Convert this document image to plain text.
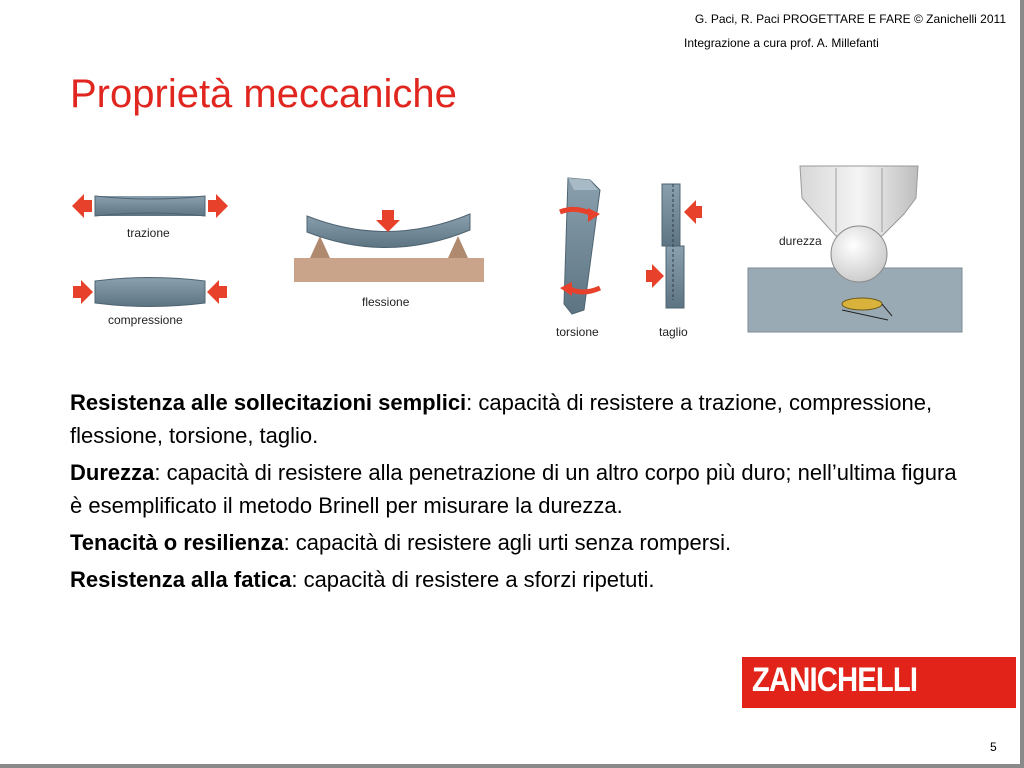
G. Paci, R. Paci PROGETTARE E FARE © Zanichelli 2011
Integrazione a cura prof. A. Millefanti
Proprietà meccaniche
trazione
compressione
flessione
torsione	taglio
durezza

Resistenza alle sollecitazioni semplici: capacità di resistere a trazione, compressione, flessione, torsione, taglio.

Durezza: capacità di resistere alla penetrazione di un altro corpo più duro; nell’ultima figura è esemplificato il metodo Brinell per misurare la durezza.

Tenacità o resilienza: capacità di resistere agli urti senza rompersi.

Resistenza alla fatica: capacità di resistere a sforzi ripetuti.

ZANICHELLI
5
